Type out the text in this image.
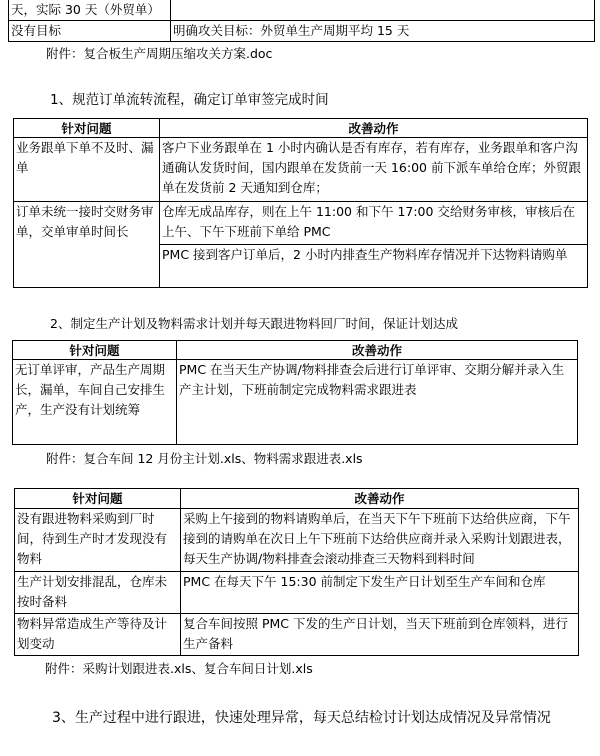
天，实际 30 天（外贸单）	
没有目标	明确攻关目标：外贸单生产周期平均 15 天
附件：复合板生产周期压缩攻关方案.doc
1、规范订单流转流程，确定订单审签完成时间
针对问题	改善动作
业务跟单下单不及时、漏单	客户下业务跟单在 1 小时内确认是否有库存，若有库存，业务跟单和客户沟通确认发货时间，国内跟单在发货前一天 16:00 前下派车单给仓库；外贸跟单在发货前 2 天通知到仓库；
订单未统一接时交财务审单，交单审单时间长	仓库无成品库存，则在上午 11:00 和下午 17:00 交给财务审核，审核后在上午、下午下班前下单给 PMC
	PMC 接到客户订单后，2 小时内排查生产物料库存情况并下达物料请购单
2、制定生产计划及物料需求计划并每天跟进物料回厂时间，保证计划达成
针对问题	改善动作
无订单评审，产品生产周期长，漏单，车间自己安排生产，生产没有计划统筹	PMC 在当天生产协调/物料排查会后进行订单评审、交期分解并录入生产主计划，下班前制定完成物料需求跟进表
附件：复合车间 12 月份主计划.xls、物料需求跟进表.xls
针对问题	改善动作
没有跟进物料采购到厂时间，待到生产时才发现没有物料	采购上午接到的物料请购单后，在当天下午下班前下达给供应商，下午接到的请购单在次日上午下班前下达给供应商并录入采购计划跟进表，每天生产协调/物料排查会滚动排查三天物料到料时间
生产计划安排混乱，仓库未按时备料	PMC 在每天下午 15:30 前制定下发生产日计划至生产车间和仓库
物料异常造成生产等待及计划变动	复合车间按照 PMC 下发的生产日计划，当天下班前到仓库领料，进行生产备料
附件：采购计划跟进表.xls、复合车间日计划.xls
3、生产过程中进行跟进，快速处理异常，每天总结检讨计划达成情况及异常情况
